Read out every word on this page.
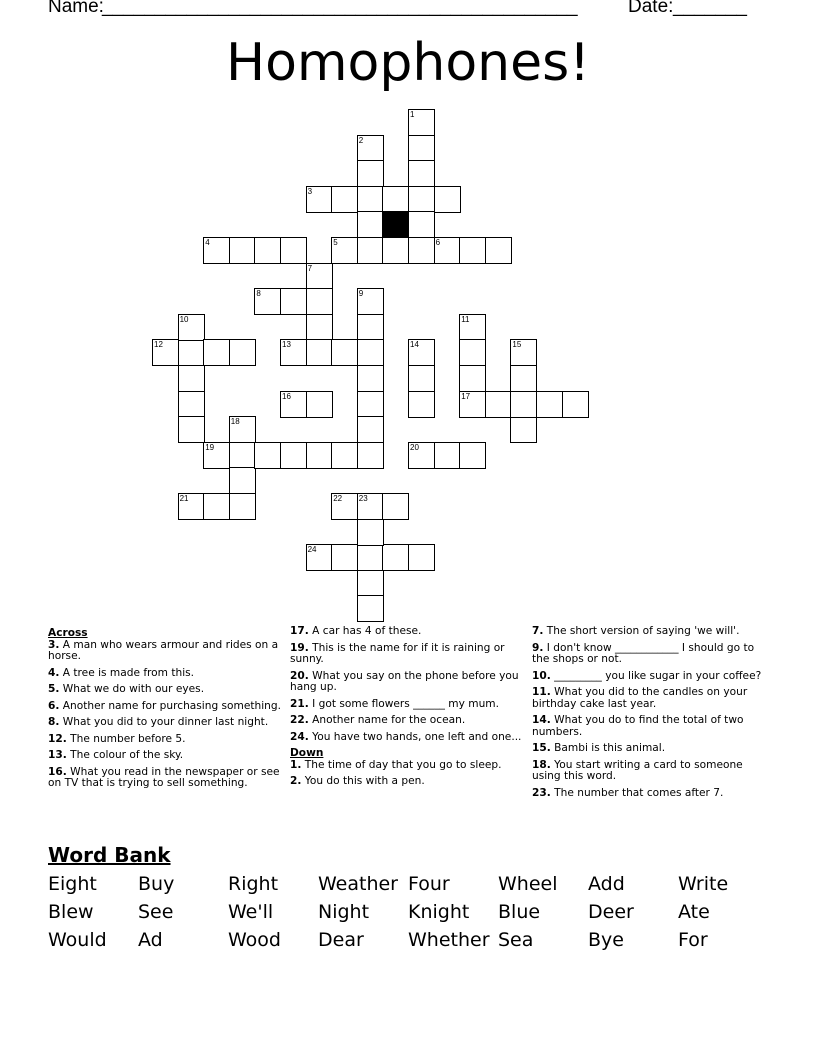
Name:
_____________________________________________	Date: _______
Homophones!
1
2
3
4	5	6
7
8	9
10	11
12	13	14	15
16	17
18
19	20
21	22 23
24
Across
3. A man who wears armour and rides on a horse.
4. A tree is made from this.
5. What we do with our eyes.
6. Another name for purchasing something.
8. What you did to your dinner last night.
12. The number before 5.
13. The colour of the sky.
16. What you read in the newspaper or see on TV that is trying to sell something.
17. A car has 4 of these.
19. This is the name for if it is raining or sunny.
20. What you say on the phone before you hang up.
21. I got some flowers ______ my mum.
22. Another name for the ocean.
24. You have two hands, one left and one...
Down
1. The time of day that you go to sleep.
2. You do this with a pen.
7. The short version of saying 'we will'.
9. I don't know ____________ I should go to the shops or not.
10. _________ you like sugar in your coffee?
11. What you did to the candles on your birthday cake last year.
14. What you do to find the total of two numbers.
15. Bambi is this animal.
18. You start writing a card to someone using this word.
23. The number that comes after 7.
Word Bank
Eight	Buy	Right	Weather Four	Wheel	Add	Write
Blew	See	We'll	Night	Knight	Blue	Deer	Ate
Would	Ad	Wood	Dear	Whether Sea	Bye	For
